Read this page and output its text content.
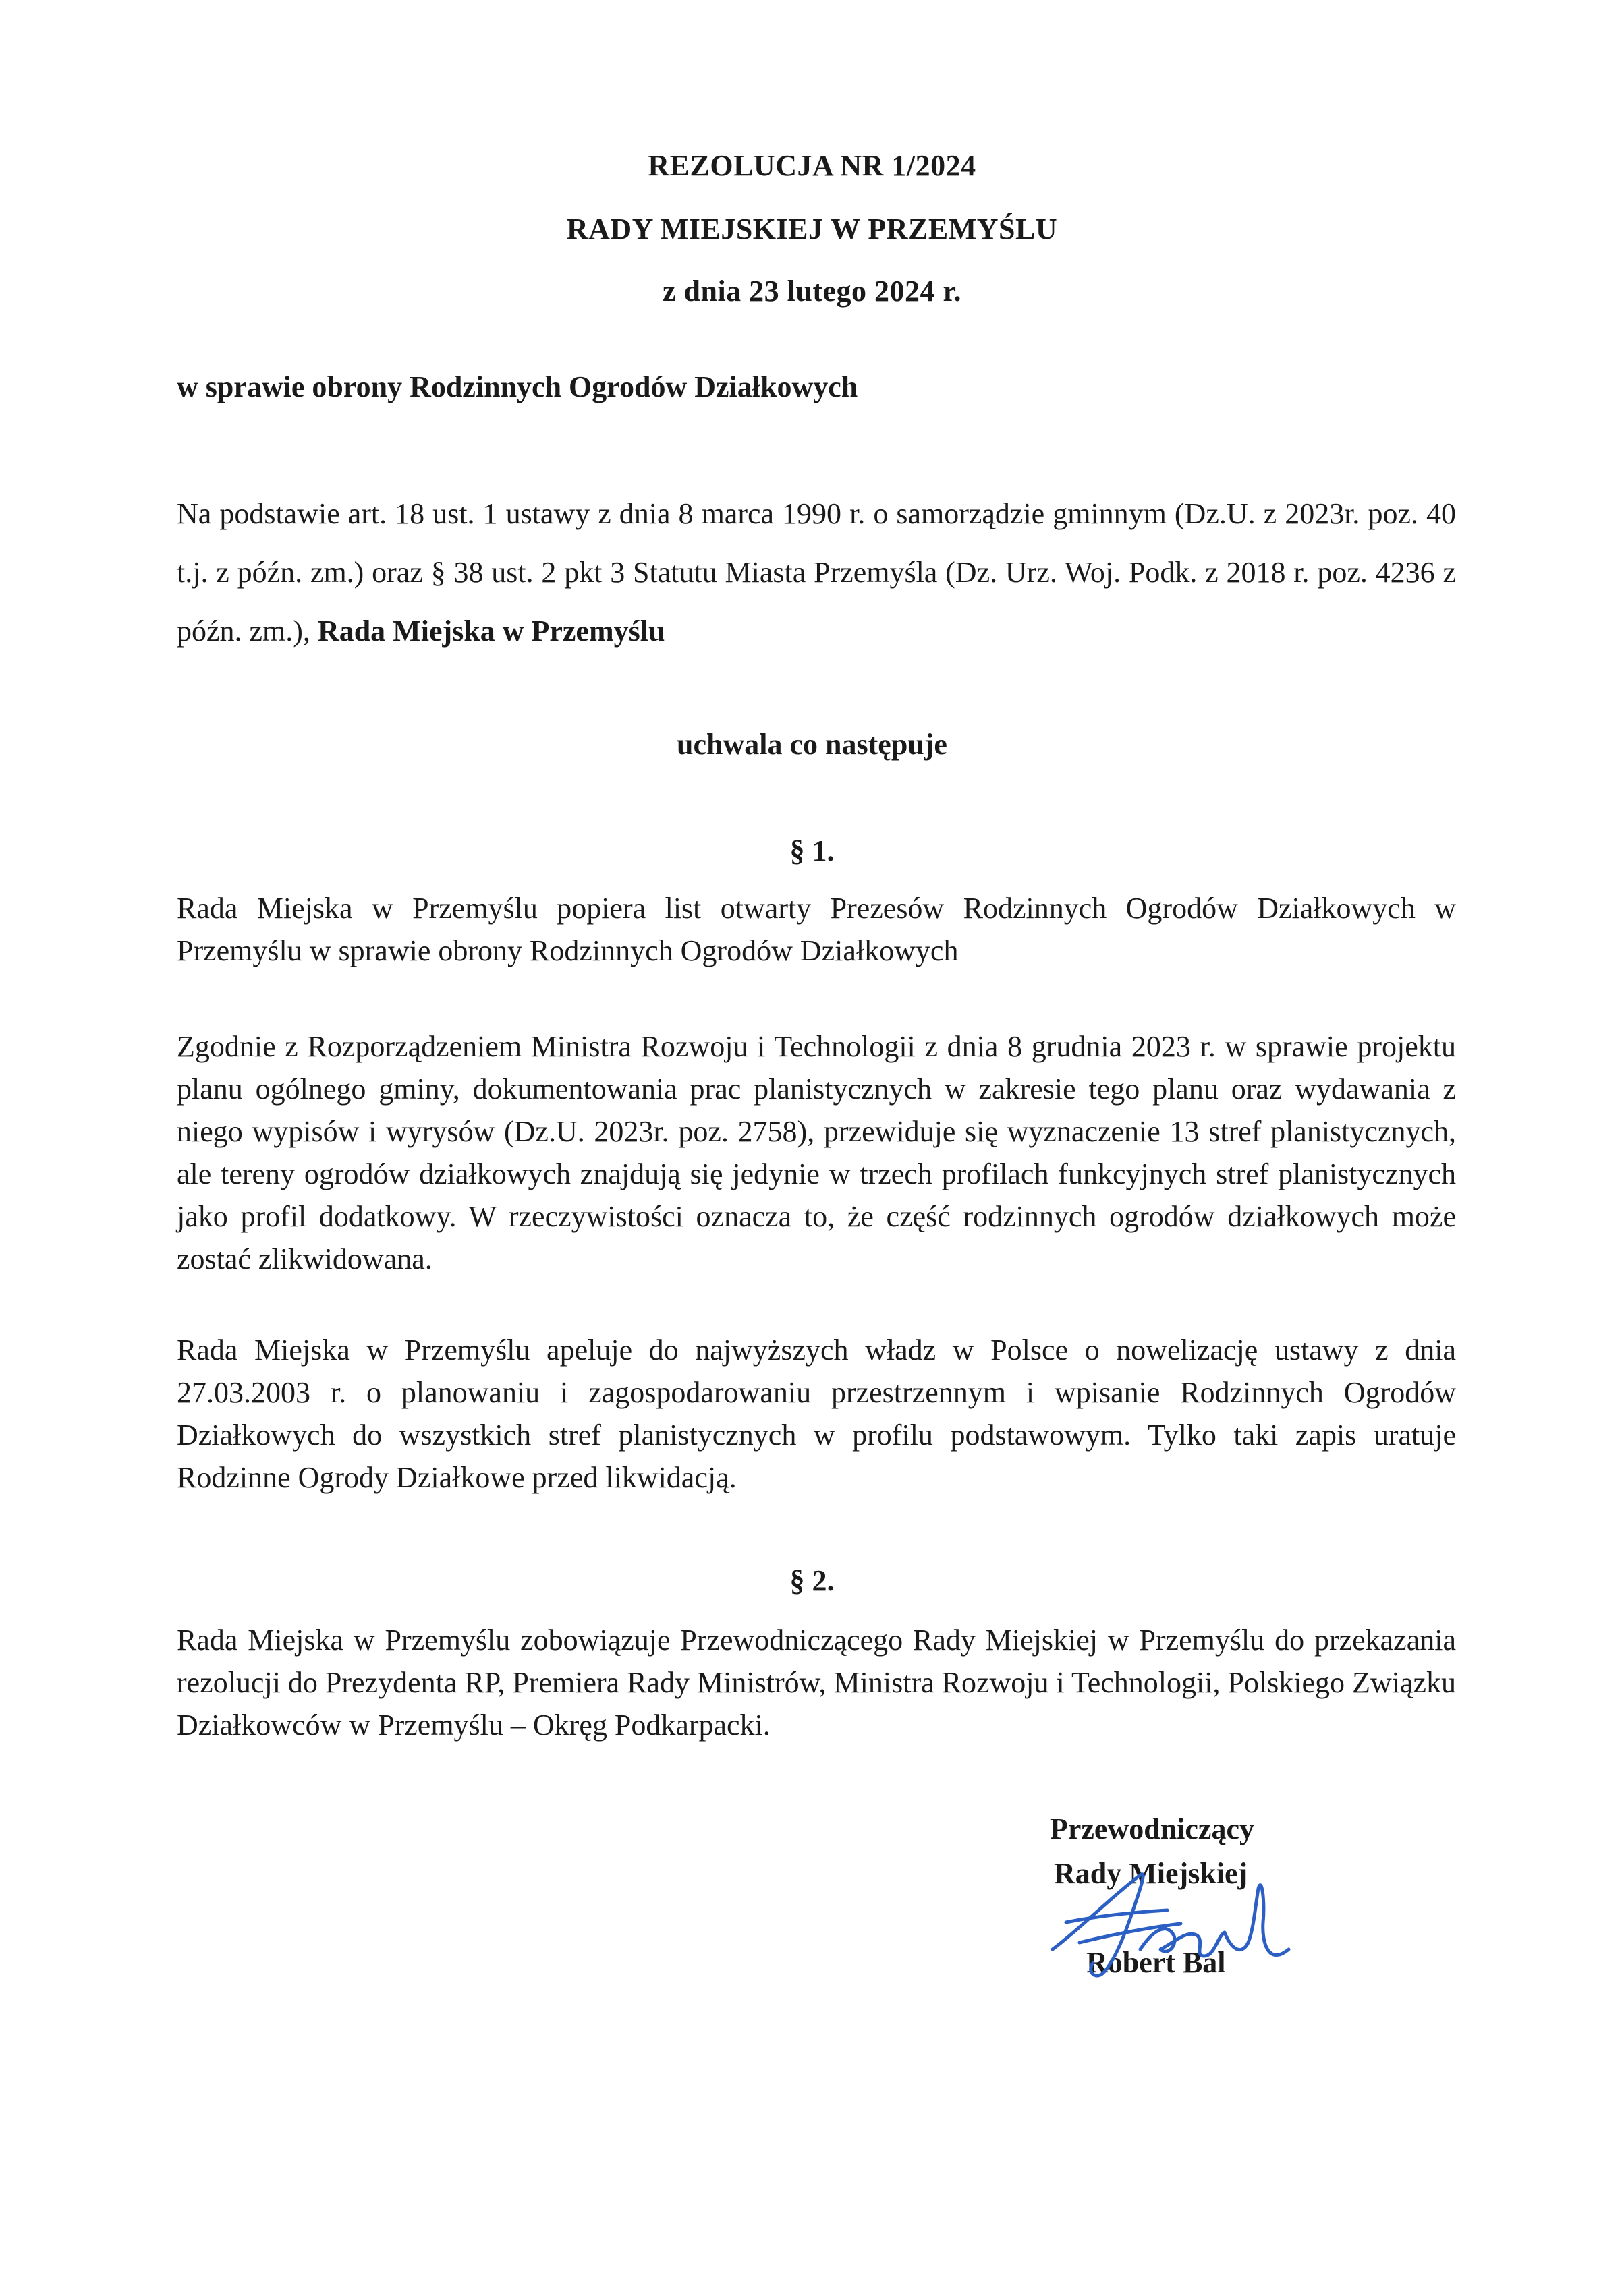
REZOLUCJA NR 1/2024
RADY MIEJSKIEJ W PRZEMYŚLU
z dnia 23 lutego 2024 r.
w sprawie obrony Rodzinnych Ogrodów Działkowych
Na podstawie art. 18 ust. 1 ustawy z dnia 8 marca 1990 r. o samorządzie gminnym (Dz.U. z 2023r. poz. 40 t.j. z późn. zm.) oraz § 38 ust. 2 pkt 3 Statutu Miasta Przemyśla (Dz. Urz. Woj. Podk. z 2018 r. poz. 4236 z późn. zm.), Rada Miejska w Przemyślu
uchwala co następuje
§ 1.
Rada Miejska w Przemyślu popiera list otwarty Prezesów Rodzinnych Ogrodów Działkowych w Przemyślu w sprawie obrony Rodzinnych Ogrodów Działkowych
Zgodnie z Rozporządzeniem Ministra Rozwoju i Technologii z dnia 8 grudnia 2023 r. w sprawie projektu planu ogólnego gminy, dokumentowania prac planistycznych w zakresie tego planu oraz wydawania z niego wypisów i wyrysów (Dz.U. 2023r. poz. 2758), przewiduje się wyznaczenie 13 stref planistycznych, ale tereny ogrodów działkowych znajdują się jedynie w trzech profilach funkcyjnych stref planistycznych jako profil dodatkowy. W rzeczywistości oznacza to, że część rodzinnych ogrodów działkowych może zostać zlikwidowana.
Rada Miejska w Przemyślu apeluje do najwyższych władz w Polsce o nowelizację ustawy z dnia 27.03.2003 r. o planowaniu i zagospodarowaniu przestrzennym i wpisanie Rodzinnych Ogrodów Działkowych do wszystkich stref planistycznych w profilu podstawowym. Tylko taki zapis uratuje Rodzinne Ogrody Działkowe przed likwidacją.
§ 2.
Rada Miejska w Przemyślu zobowiązuje Przewodniczącego Rady Miejskiej w Przemyślu do przekazania rezolucji do Prezydenta RP, Premiera Rady Ministrów, Ministra Rozwoju i Technologii, Polskiego Związku Działkowców w Przemyślu – Okręg Podkarpacki.
Przewodniczący
Rady Miejskiej
Robert Bal
